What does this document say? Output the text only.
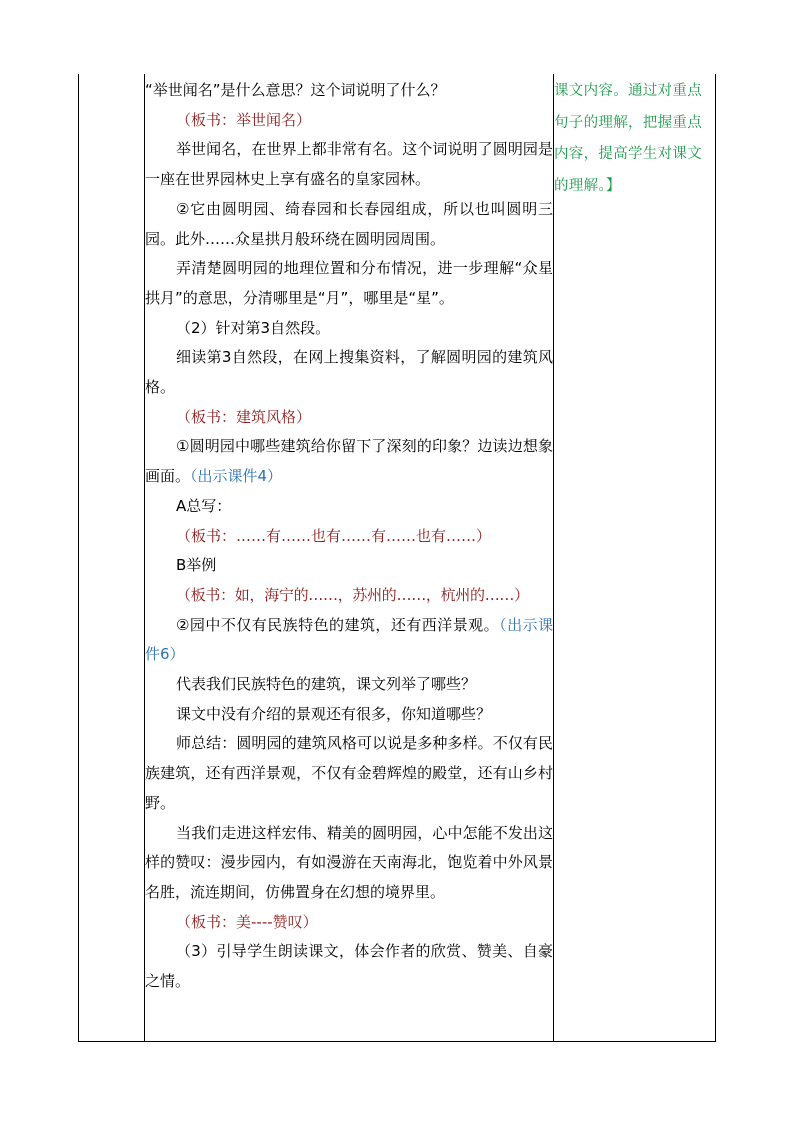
“举世闻名”是什么意思？这个词说明了什么？

（板书：举世闻名）

举世闻名，在世界上都非常有名。这个词说明了圆明园是一座在世界园林史上享有盛名的皇家园林。

②它由圆明园、绮春园和长春园组成，所以也叫圆明三园。此外……众星拱月般环绕在圆明园周围。

弄清楚圆明园的地理位置和分布情况，进一步理解“众星拱月”的意思，分清哪里是“月”，哪里是“星”。

（2）针对第3自然段。

细读第3自然段，在网上搜集资料，了解圆明园的建筑风格。

（板书：建筑风格）

①圆明园中哪些建筑给你留下了深刻的印象？边读边想象画面。（出示课件4）

A总写：

（板书：……有……也有……有……也有……）

B举例

（板书：如，海宁的……，苏州的……，杭州的……）

②园中不仅有民族特色的建筑，还有西洋景观。（出示课件6）

代表我们民族特色的建筑，课文列举了哪些？

课文中没有介绍的景观还有很多，你知道哪些？

师总结：圆明园的建筑风格可以说是多种多样。不仅有民族建筑，还有西洋景观，不仅有金碧辉煌的殿堂，还有山乡村野。

当我们走进这样宏伟、精美的圆明园，心中怎能不发出这样的赞叹：漫步园内，有如漫游在天南海北，饱览着中外风景名胜，流连期间，仿佛置身在幻想的境界里。

（板书：美----赞叹）

（3）引导学生朗读课文，体会作者的欣赏、赞美、自豪之情。

课文内容。通过对重点句子的理解，把握重点内容，提高学生对课文的理解。】
